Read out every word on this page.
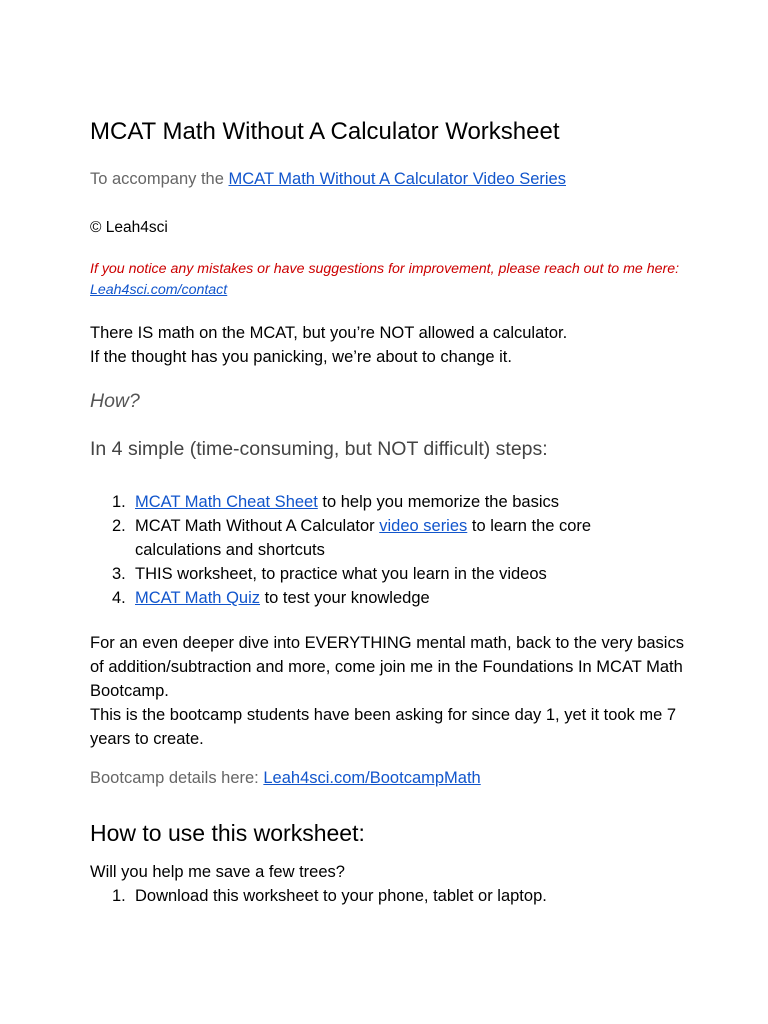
MCAT Math Without A Calculator Worksheet
To accompany the MCAT Math Without A Calculator Video Series
© Leah4sci
If you notice any mistakes or have suggestions for improvement, please reach out to me here: Leah4sci.com/contact
There IS math on the MCAT, but you’re NOT allowed a calculator.
If the thought has you panicking, we’re about to change it.
How?
In 4 simple (time-consuming, but NOT difficult) steps:
1. MCAT Math Cheat Sheet to help you memorize the basics
2. MCAT Math Without A Calculator video series to learn the core calculations and shortcuts
3. THIS worksheet, to practice what you learn in the videos
4. MCAT Math Quiz to test your knowledge
For an even deeper dive into EVERYTHING mental math, back to the very basics of addition/subtraction and more, come join me in the Foundations In MCAT Math Bootcamp.
This is the bootcamp students have been asking for since day 1, yet it took me 7 years to create.
Bootcamp details here: Leah4sci.com/BootcampMath
How to use this worksheet:
Will you help me save a few trees?
1. Download this worksheet to your phone, tablet or laptop.
